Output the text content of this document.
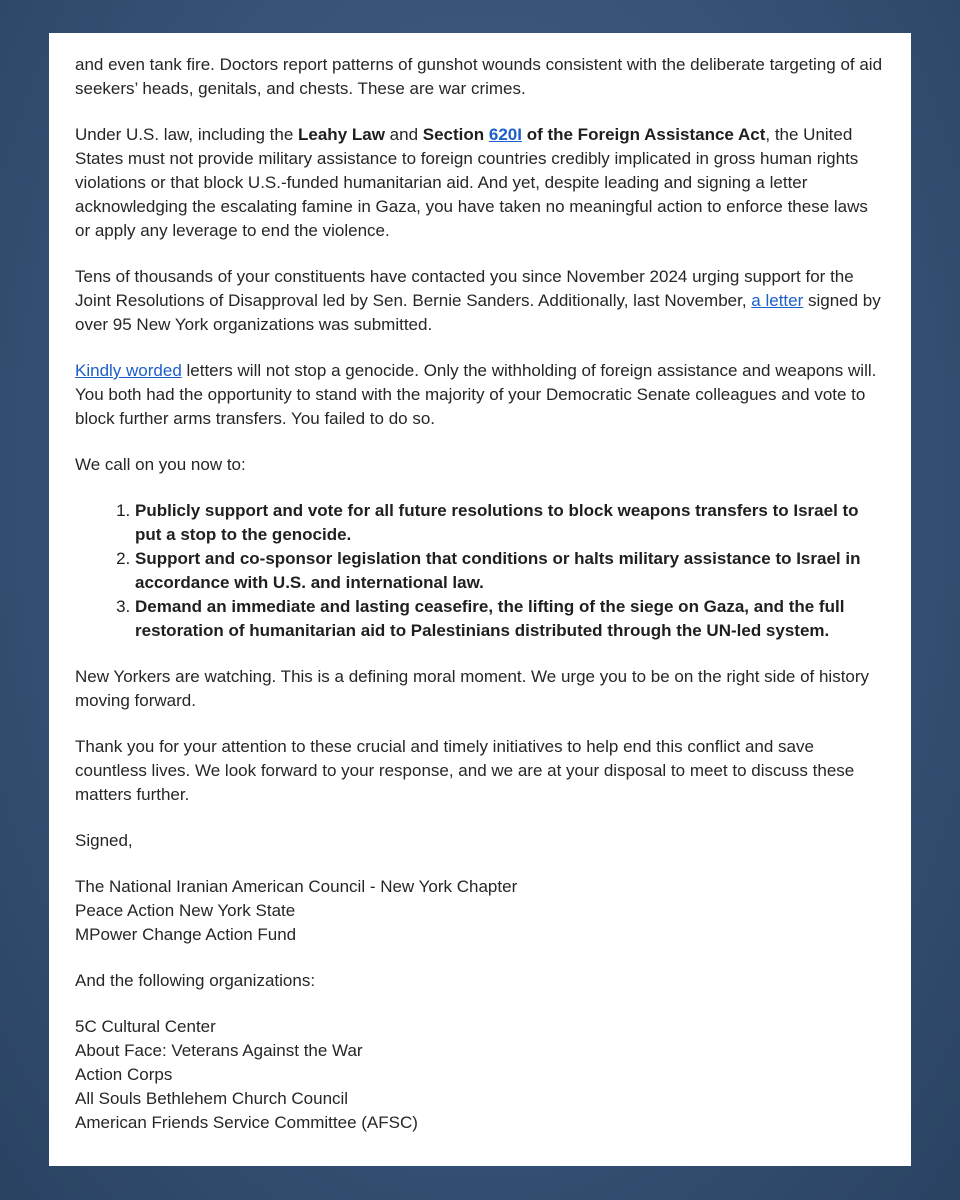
and even tank fire. Doctors report patterns of gunshot wounds consistent with the deliberate targeting of aid seekers’ heads, genitals, and chests. These are war crimes.

Under U.S. law, including the Leahy Law and Section 620I of the Foreign Assistance Act, the United States must not provide military assistance to foreign countries credibly implicated in gross human rights violations or that block U.S.-funded humanitarian aid. And yet, despite leading and signing a letter acknowledging the escalating famine in Gaza, you have taken no meaningful action to enforce these laws or apply any leverage to end the violence.

Tens of thousands of your constituents have contacted you since November 2024 urging support for the Joint Resolutions of Disapproval led by Sen. Bernie Sanders. Additionally, last November, a letter signed by over 95 New York organizations was submitted.

Kindly worded letters will not stop a genocide. Only the withholding of foreign assistance and weapons will. You both had the opportunity to stand with the majority of your Democratic Senate colleagues and vote to block further arms transfers. You failed to do so.

We call on you now to:

1. Publicly support and vote for all future resolutions to block weapons transfers to Israel to put a stop to the genocide.
2. Support and co-sponsor legislation that conditions or halts military assistance to Israel in accordance with U.S. and international law.
3. Demand an immediate and lasting ceasefire, the lifting of the siege on Gaza, and the full restoration of humanitarian aid to Palestinians distributed through the UN-led system.

New Yorkers are watching. This is a defining moral moment. We urge you to be on the right side of history moving forward.

Thank you for your attention to these crucial and timely initiatives to help end this conflict and save countless lives. We look forward to your response, and we are at your disposal to meet to discuss these matters further.

Signed,

The National Iranian American Council - New York Chapter
Peace Action New York State
MPower Change Action Fund

And the following organizations:

5C Cultural Center
About Face: Veterans Against the War
Action Corps
All Souls Bethlehem Church Council
American Friends Service Committee (AFSC)
